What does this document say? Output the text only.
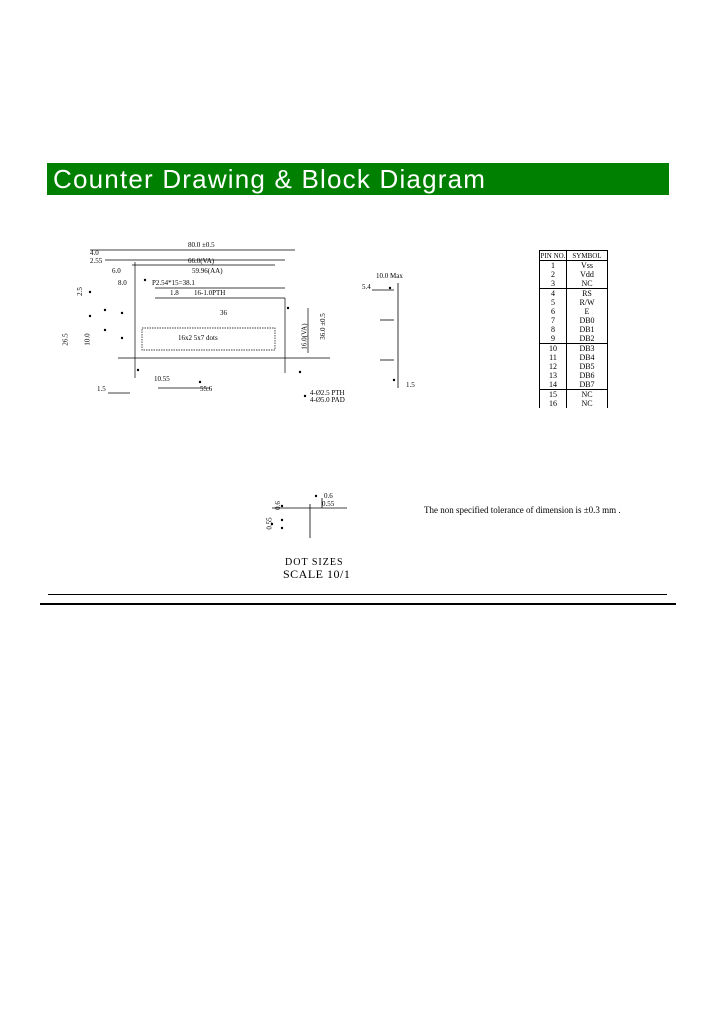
Counter Drawing & Block Diagram
4.0
2.55
80.0 ±0.5
66.0(VA)
59.96(AA)
P2.54*15=38.1
1.8 16-1.0PTH
6.0
8.0
36
2.5
26.5 10.0	16.0(VA) 36.0 ±0.5
16x2 5x7 dots
1.5
10.55
55.6	4-Ø2.5 PTH
4-Ø5.0 PAD
10.0 Max
5.4
1.5
PIN NO.	SYMBOL
1	Vss
2	Vdd
3	NC
4	RS
5	R/W
6	E
7	DB0
8	DB1
9	DB2
10	DB3
11	DB4
12	DB5
13	DB6
14	DB7
15	NC
16	NC
0.6
0.55
0.6
0.55
DOT SIZES
SCALE 10/1
The non specified tolerance of dimension is ±0.3 mm .
